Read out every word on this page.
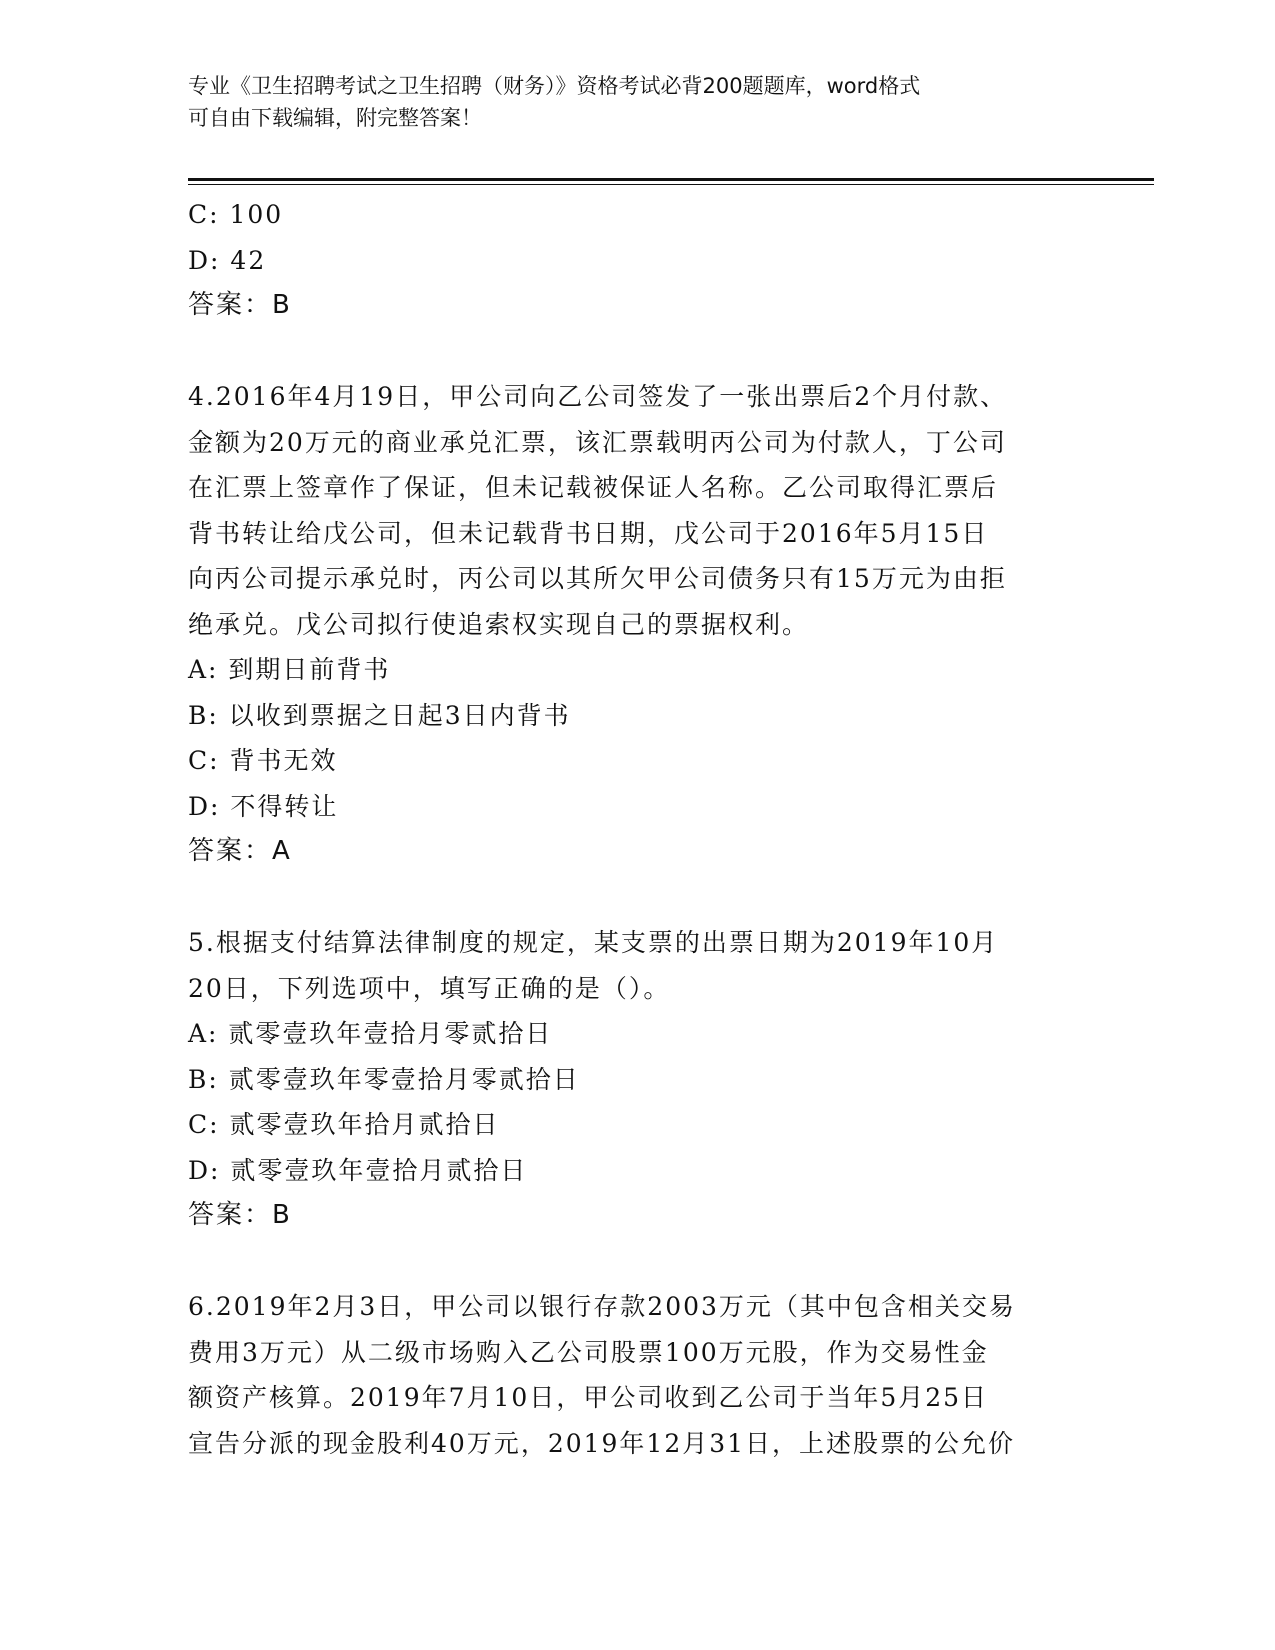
专业《卫生招聘考试之卫生招聘（财务）》资格考试必背200题题库，word格式
可自由下载编辑，附完整答案！
C: 100
D: 42
答案：B
4.2016年4月19日，甲公司向乙公司签发了一张出票后2个月付款、
金额为20万元的商业承兑汇票，该汇票载明丙公司为付款人，丁公司
在汇票上签章作了保证，但未记载被保证人名称。乙公司取得汇票后
背书转让给戊公司，但未记载背书日期，戊公司于2016年5月15日
向丙公司提示承兑时，丙公司以其所欠甲公司债务只有15万元为由拒
绝承兑。戊公司拟行使追索权实现自己的票据权利。
A: 到期日前背书
B: 以收到票据之日起3日内背书
C: 背书无效
D: 不得转让
答案：A
5.根据支付结算法律制度的规定，某支票的出票日期为2019年10月
20日，下列选项中，填写正确的是（）。
A: 贰零壹玖年壹拾月零贰拾日
B: 贰零壹玖年零壹拾月零贰拾日
C: 贰零壹玖年拾月贰拾日
D: 贰零壹玖年壹拾月贰拾日
答案：B
6.2019年2月3日，甲公司以银行存款2003万元（其中包含相关交易
费用3万元）从二级市场购入乙公司股票100万元股，作为交易性金
额资产核算。2019年7月10日，甲公司收到乙公司于当年5月25日
宣告分派的现金股利40万元，2019年12月31日，上述股票的公允价
